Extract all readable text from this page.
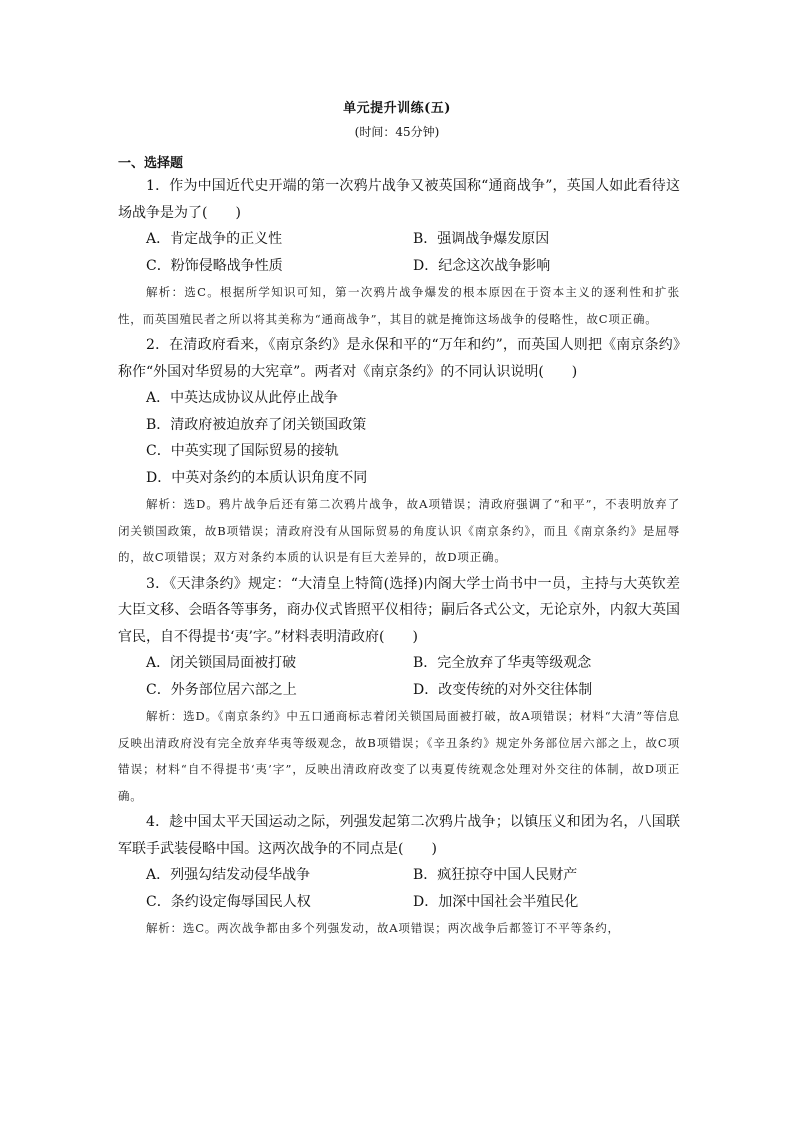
单元提升训练(五)
(时间：45分钟)
一、选择题

1．作为中国近代史开端的第一次鸦片战争又被英国称“通商战争”，英国人如此看待这场战争是为了(　　)

A．肯定战争的正义性	B．强调战争爆发原因
C．粉饰侵略战争性质	D．纪念这次战争影响

解析：选C。根据所学知识可知，第一次鸦片战争爆发的根本原因在于资本主义的逐利性和扩张性，而英国殖民者之所以将其美称为“通商战争”，其目的就是掩饰这场战争的侵略性，故C项正确。

2．在清政府看来，《南京条约》是永保和平的“万年和约”，而英国人则把《南京条约》称作“外国对华贸易的大宪章”。两者对《南京条约》的不同认识说明(　　)

A．中英达成协议从此停止战争
B．清政府被迫放弃了闭关锁国政策
C．中英实现了国际贸易的接轨
D．中英对条约的本质认识角度不同

解析：选D。鸦片战争后还有第二次鸦片战争，故A项错误；清政府强调了“和平”，不表明放弃了闭关锁国政策，故B项错误；清政府没有从国际贸易的角度认识《南京条约》，而且《南京条约》是屈辱的，故C项错误；双方对条约本质的认识是有巨大差异的，故D项正确。

3．《天津条约》规定：“大清皇上特简(选择)内阁大学士尚书中一员，主持与大英钦差大臣文移、会晤各等事务，商办仪式皆照平仪相待；嗣后各式公文，无论京外，内叙大英国官民，自不得提书‘夷’字。”材料表明清政府(　　)

A．闭关锁国局面被打破	B．完全放弃了华夷等级观念
C．外务部位居六部之上	D．改变传统的对外交往体制

解析：选D。《南京条约》中五口通商标志着闭关锁国局面被打破，故A项错误；材料“大清”等信息反映出清政府没有完全放弃华夷等级观念，故B项错误；《辛丑条约》规定外务部位居六部之上，故C项错误；材料“自不得提书‘夷’字”，反映出清政府改变了以夷夏传统观念处理对外交往的体制，故D项正确。

4．趁中国太平天国运动之际，列强发起第二次鸦片战争；以镇压义和团为名，八国联军联手武装侵略中国。这两次战争的不同点是(　　)

A．列强勾结发动侵华战争	B．疯狂掠夺中国人民财产
C．条约设定侮辱国民人权	D．加深中国社会半殖民化

解析：选C。两次战争都由多个列强发动，故A项错误；两次战争后都签订不平等条约，
